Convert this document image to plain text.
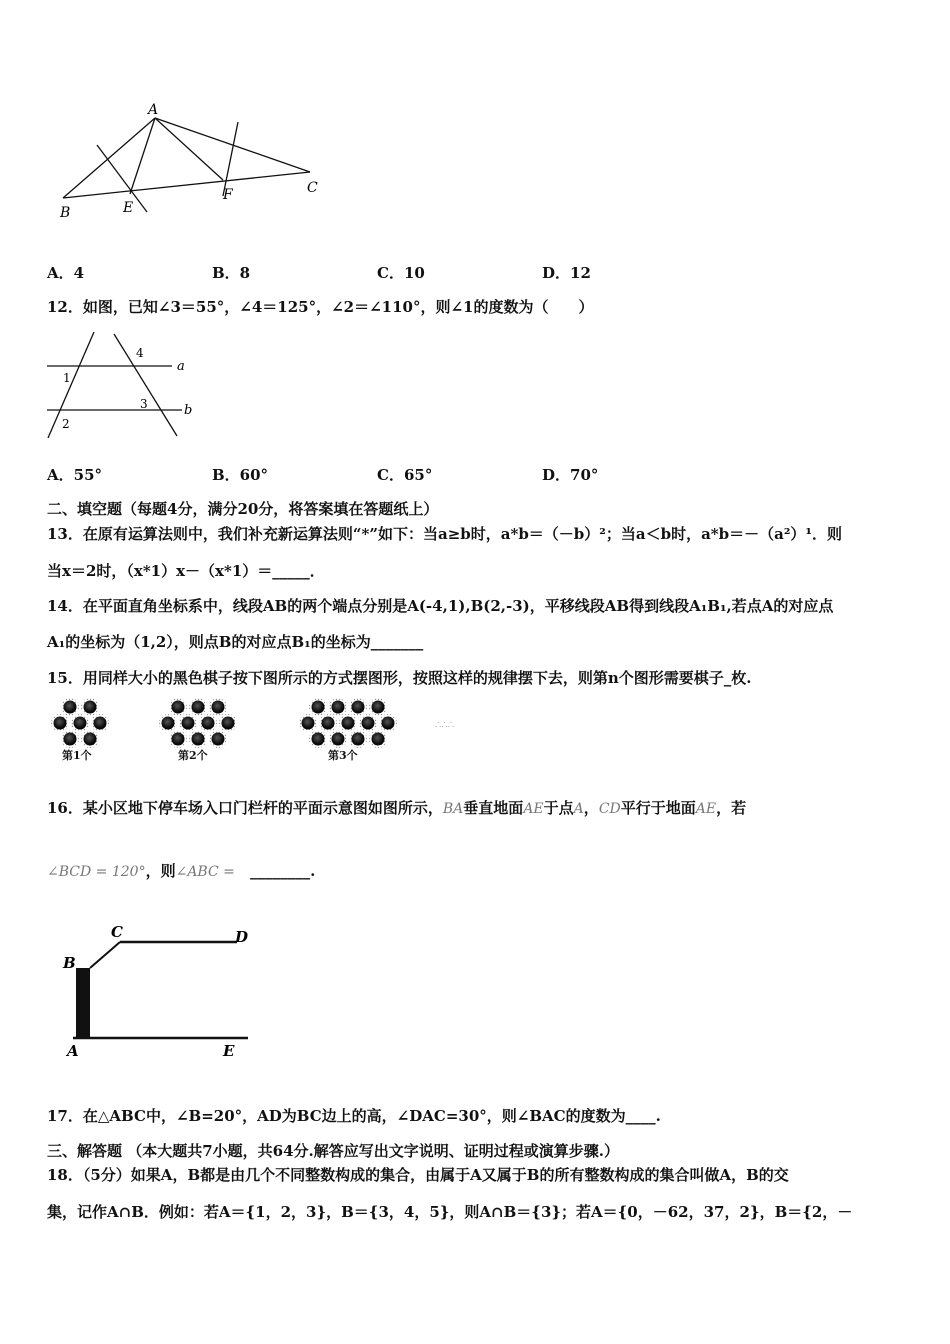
A
B	E
F	C
A．4	B．8	C．10	D．12
12．如图，已知∠3＝55°，∠4＝125°，∠2＝∠110°，则∠1的度数为（　　）
4
a
1
3	b
2
A．55°	B．60°	C．65°	D．70°
二、填空题（每题4分，满分20分，将答案填在答题纸上）
13．在原有运算法则中，我们补充新运算法则“*”如下：当a≥b时，a*b＝（－b）²；当a＜b时，a*b＝－（a²）¹．则
当x＝2时，（x*1）x－（x*1）＝_____．
14．在平面直角坐标系中，线段AB的两个端点分别是A(-4,1),B(2,-3)，平移线段AB得到线段A₁B₁,若点A的对应点
A₁的坐标为（1,2），则点B的对应点B₁的坐标为_______
15．用同样大小的黑色棋子按下图所示的方式摆图形，按照这样的规律摆下去，则第n个图形需要棋子_枚.
∴∴∴
第1个	第2个	第3个
16．某小区地下停车场入口门栏杆的平面示意图如图所示，BA垂直地面AE于点A，CD平行于地面AE，若
∠BCD = 120°，则∠ABC = ________.
C	D
B
A	E
17．在△ABC中，∠B=20°，AD为BC边上的高，∠DAC=30°，则∠BAC的度数为____.
三、解答题 （本大题共7小题，共64分.解答应写出文字说明、证明过程或演算步骤.）
18．（5分）如果A，B都是由几个不同整数构成的集合，由属于A又属于B的所有整数构成的集合叫做A，B的交
集，记作A∩B．例如：若A＝{1，2，3}，B＝{3，4，5}，则A∩B＝{3}；若A＝{0，－62，37，2}，B＝{2，－
